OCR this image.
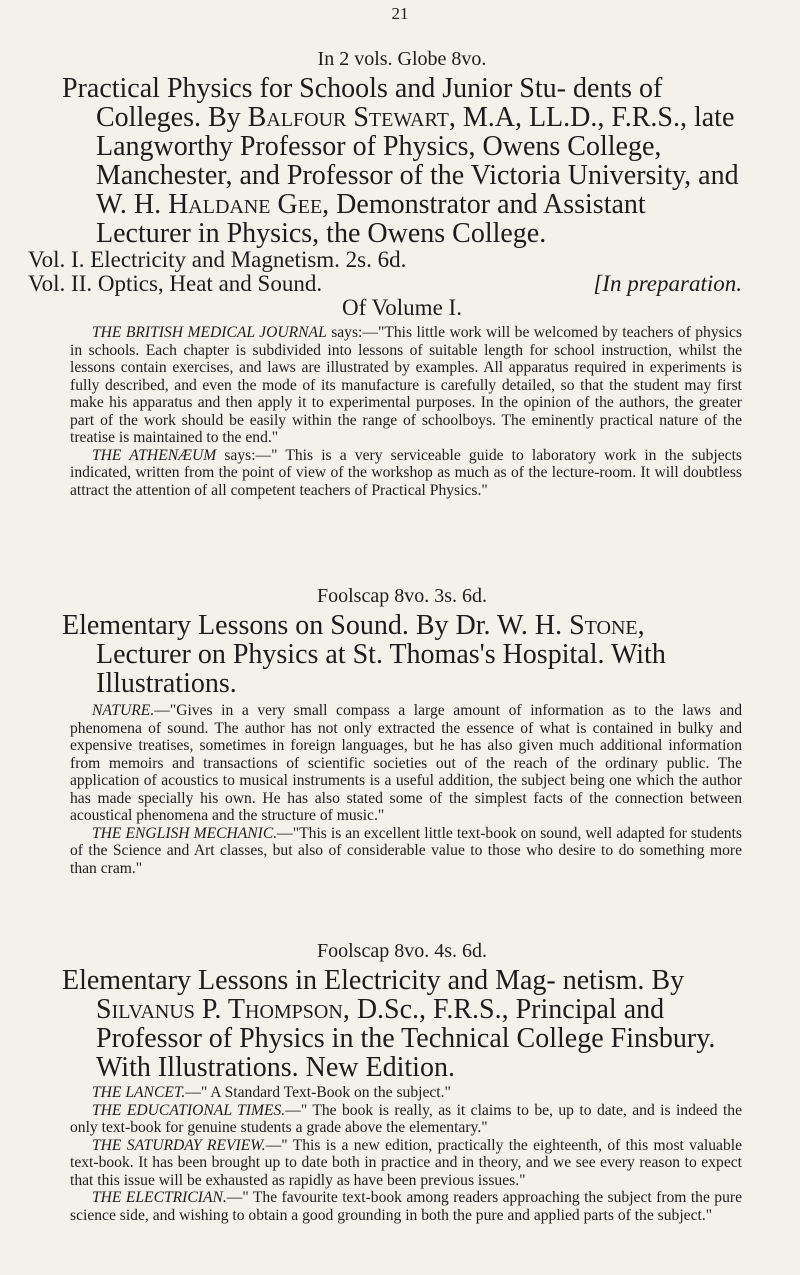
21

In 2 vols. Globe 8vo.

Practical Physics for Schools and Junior Stu- dents of Colleges. By Balfour Stewart, M.A, LL.D., F.R.S., late Langworthy Professor of Physics, Owens College, Manchester, and Professor of the Victoria University, and W. H. Haldane Gee, Demonstrator and Assistant Lecturer in Physics, the Owens College.

Vol. I. Electricity and Magnetism. 2s. 6d.

Vol. II. Optics, Heat and Sound.	[In preparation.

Of Volume I.

THE BRITISH MEDICAL JOURNAL says:—"This little work will be welcomed by teachers of physics in schools. Each chapter is subdivided into lessons of suitable length for school instruction, whilst the lessons contain exercises, and laws are illustrated by examples. All apparatus required in experiments is fully described, and even the mode of its manufacture is carefully detailed, so that the student may first make his apparatus and then apply it to experimental purposes. In the opinion of the authors, the greater part of the work should be easily within the range of schoolboys. The eminently practical nature of the treatise is maintained to the end."

THE ATHENÆUM says:—" This is a very serviceable guide to laboratory work in the subjects indicated, written from the point of view of the workshop as much as of the lecture-room. It will doubtless attract the attention of all competent teachers of Practical Physics."

Foolscap 8vo. 3s. 6d.

Elementary Lessons on Sound. By Dr. W. H. Stone, Lecturer on Physics at St. Thomas's Hospital. With Illustrations.

NATURE.—"Gives in a very small compass a large amount of information as to the laws and phenomena of sound. The author has not only extracted the essence of what is contained in bulky and expensive treatises, sometimes in foreign languages, but he has also given much additional information from memoirs and transactions of scientific societies out of the reach of the ordinary public. The application of acoustics to musical instruments is a useful addition, the subject being one which the author has made specially his own. He has also stated some of the simplest facts of the connection between acoustical phenomena and the structure of music."

THE ENGLISH MECHANIC.—"This is an excellent little text-book on sound, well adapted for students of the Science and Art classes, but also of considerable value to those who desire to do something more than cram."

Foolscap 8vo. 4s. 6d.

Elementary Lessons in Electricity and Mag- netism. By Silvanus P. Thompson, D.Sc., F.R.S., Principal and Professor of Physics in the Technical College Finsbury. With Illustrations. New Edition.

THE LANCET.—" A Standard Text-Book on the subject."

THE EDUCATIONAL TIMES.—" The book is really, as it claims to be, up to date, and is indeed the only text-book for genuine students a grade above the elementary."

THE SATURDAY REVIEW.—" This is a new edition, practically the eighteenth, of this most valuable text-book. It has been brought up to date both in practice and in theory, and we see every reason to expect that this issue will be exhausted as rapidly as have been previous issues."

THE ELECTRICIAN.—" The favourite text-book among readers approaching the subject from the pure science side, and wishing to obtain a good grounding in both the pure and applied parts of the subject."
